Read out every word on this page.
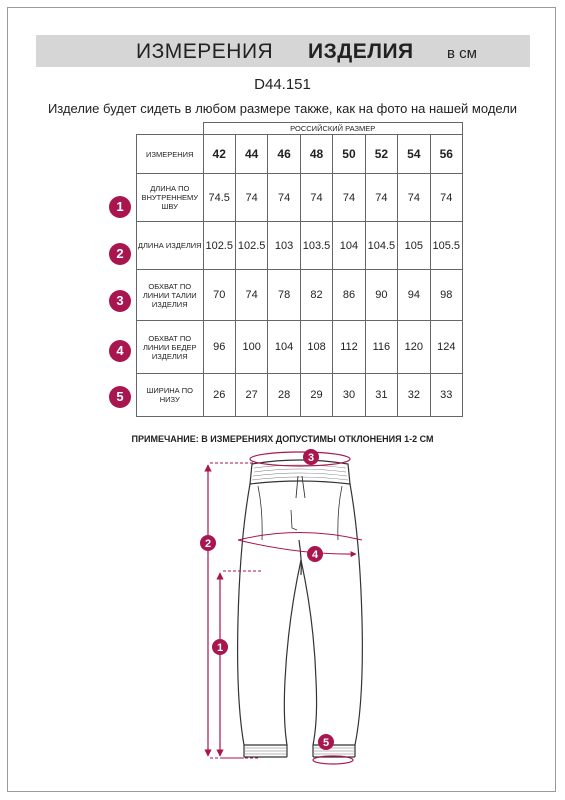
ИЗМЕРЕНИЯ ИЗДЕЛИЯ в см
D44.151
Изделие будет сидеть в любом размере также, как на фото на нашей модели
	РОССИЙСКИЙ РАЗМЕР							
ИЗМЕРЕНИЯ	42	44	46	48	50	52	54	56
ДЛИНА ПО ВНУТРЕННЕМУ ШВУ	74.5	74	74	74	74	74	74	74
ДЛИНА ИЗДЕЛИЯ	102.5	102.5	103	103.5	104	104.5	105	105.5
ОБХВАТ ПО ЛИНИИ ТАЛИИ ИЗДЕЛИЯ	70	74	78	82	86	90	94	98
ОБХВАТ ПО ЛИНИИ БЕДЕР ИЗДЕЛИЯ	96	100	104	108	112	116	120	124
ШИРИНА ПО НИЗУ	26	27	28	29	30	31	32	33
1
2
3
4
5
ПРИМЕЧАНИЕ: В ИЗМЕРЕНИЯХ ДОПУСТИМЫ ОТКЛОНЕНИЯ 1-2 СМ
2
1
3
4
5
